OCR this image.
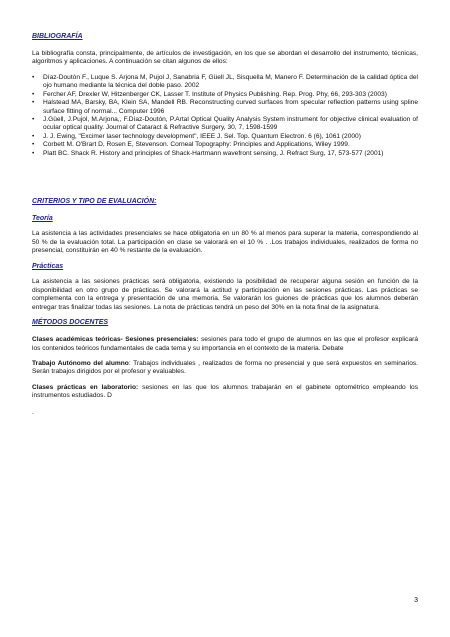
BIBLIOGRAFÍA

La bibliografía consta, principalmente, de artículos de investigación, en los que se abordan el desarrollo del instrumento, técnicas, algoritmos y aplicaciones. A continuación se citan algunos de ellos:

• Díaz-Doutón F., Luque S. Arjona M, Pujol J, Sanabria F, Güell JL, Sisquella M, Manero F. Determinación de la calidad óptica del ojo humano mediante la técnica del doble paso. 2002
• Fercher AF, Drexler W, Hitzenberger CK, Lasser T. Institute of Physics Publishing. Rep. Prog. Phy, 66, 293-303 (2003)
• Halstead MA, Barsky, BA, Klein SA, Mandell RB. Reconstructing curved surfaces from specular reflection patterns using spline surface fitting of normal... Computer 1996
• J.Güell, J.Pujol, M.Arjona,, F.Díaz-Doutón, P.Artal Optical Quality Analysis System instrument for objective clinical evaluation of ocular optical quality. Journal of Cataract & Refractive Surgery, 30, 7, 1598-1599
• J. J. Ewing, "Excimer laser technology development", IEEE J. Sel. Top. Quantum Electron. 6 (6), 1061 (2000)
• Corbett M. O'Brart D, Rosen E, Stevenson. Corneal Topography: Principles and Applications, Wiley 1999.
• Platt BC. Shack R. History and principles of Shack-Hartmann wavefront sensing, J. Refract Surg, 17, 573-577 (2001)
CRITERIOS Y TIPO DE EVALUACIÓN:
Teoría

La asistencia a las actividades presenciales se hace obligatoria en un 80 % al menos para superar la materia, correspondiendo al 50 % de la evaluación total. La participación en clase se valorará en el 10 % . .Los trabajos individuales, realizados de forma no presencial, constituirán en 40 % restante de la evaluación.

Prácticas

La asistencia a las sesiones prácticas será obligatoria, existiendo la posibilidad de recuperar alguna sesión en función de la disponibilidad en otro grupo de prácticas. Se valorará la actitud y participación en las sesiones prácticas. Las prácticas se complementa con la entrega y presentación de una memoria. Se valorarán los guiones de prácticas que los alumnos deberán entregar tras finalizar todas las sesiones. La nota de prácticas tendrá un peso del 30% en la nota final de la asignatura.

MÉTODOS DOCENTES

Clases académicas teóricas- Sesiones presenciales: sesiones para todo el grupo de alumnos en las que el profesor explicará los contenidos teóricos fundamentales de cada tema y su importancia en el contexto de la materia. Debate

Trabajo Autónomo del alumno: Trabajos individuales , realizados de forma no presencial y que será expuestos en seminarios. Serán trabajos dirigidos por el profesor y evaluables.

Clases prácticas en laboratorio: sesiones en las que los alumnos trabajarán en el gabinete optométrico empleando los instrumentos estudiados. D

.
3
